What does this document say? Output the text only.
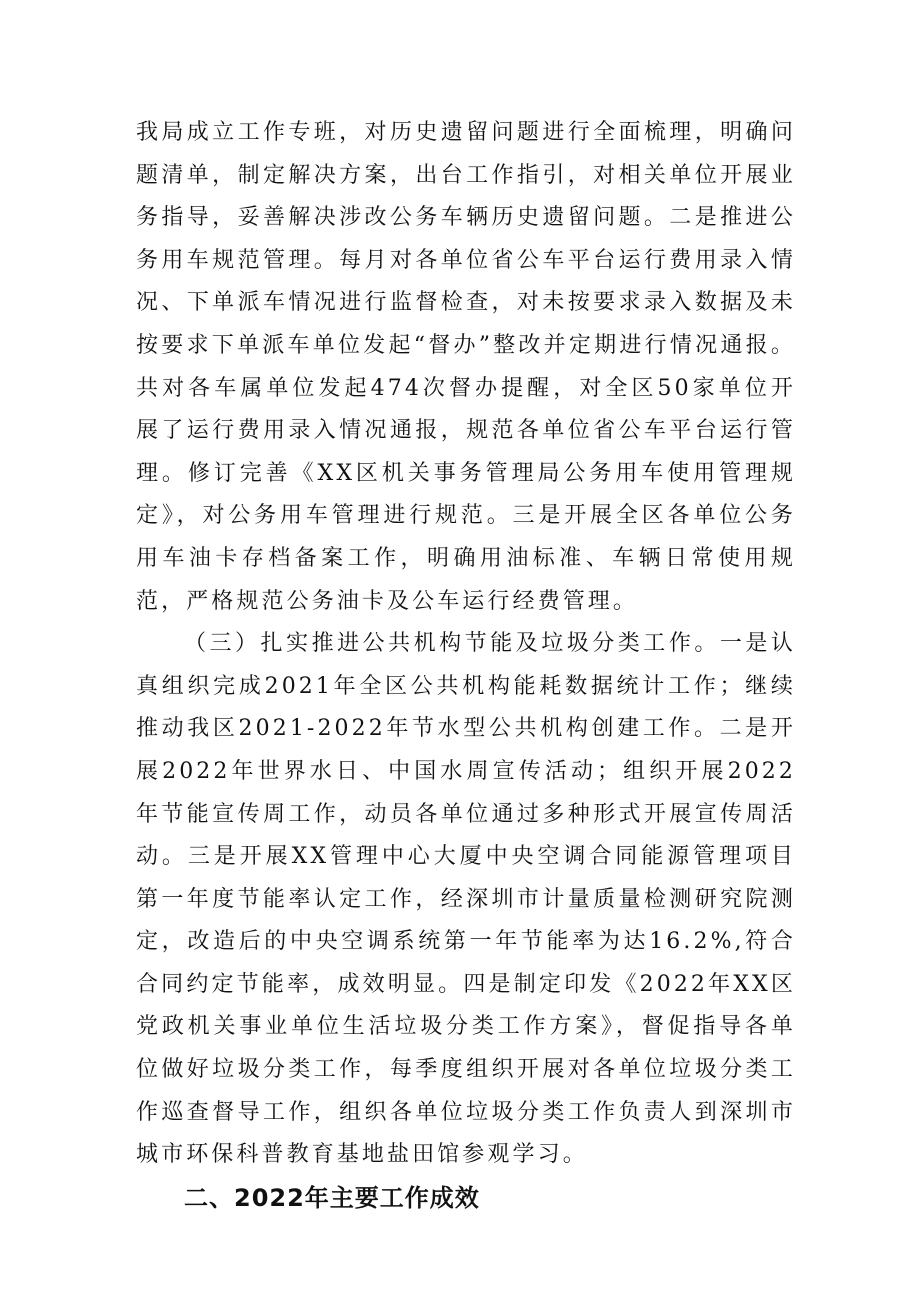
我局成立工作专班，对历史遗留问题进行全面梳理，明确问题清单，制定解决方案，出台工作指引，对相关单位开展业务指导，妥善解决涉改公务车辆历史遗留问题。二是推进公务用车规范管理。每月对各单位省公车平台运行费用录入情况、下单派车情况进行监督检查，对未按要求录入数据及未按要求下单派车单位发起“督办”整改并定期进行情况通报。共对各车属单位发起474次督办提醒，对全区50家单位开展了运行费用录入情况通报，规范各单位省公车平台运行管理。修订完善《XX区机关事务管理局公务用车使用管理规定》，对公务用车管理进行规范。三是开展全区各单位公务用车油卡存档备案工作，明确用油标准、车辆日常使用规范，严格规范公务油卡及公车运行经费管理。

（三）扎实推进公共机构节能及垃圾分类工作。一是认真组织完成2021年全区公共机构能耗数据统计工作；继续推动我区2021-2022年节水型公共机构创建工作。二是开展2022年世界水日、中国水周宣传活动；组织开展2022年节能宣传周工作，动员各单位通过多种形式开展宣传周活动。三是开展XX管理中心大厦中央空调合同能源管理项目第一年度节能率认定工作，经深圳市计量质量检测研究院测定，改造后的中央空调系统第一年节能率为达16.2%,符合合同约定节能率，成效明显。四是制定印发《2022年XX区党政机关事业单位生活垃圾分类工作方案》，督促指导各单位做好垃圾分类工作，每季度组织开展对各单位垃圾分类工作巡查督导工作，组织各单位垃圾分类工作负责人到深圳市城市环保科普教育基地盐田馆参观学习。

二、2022年主要工作成效
